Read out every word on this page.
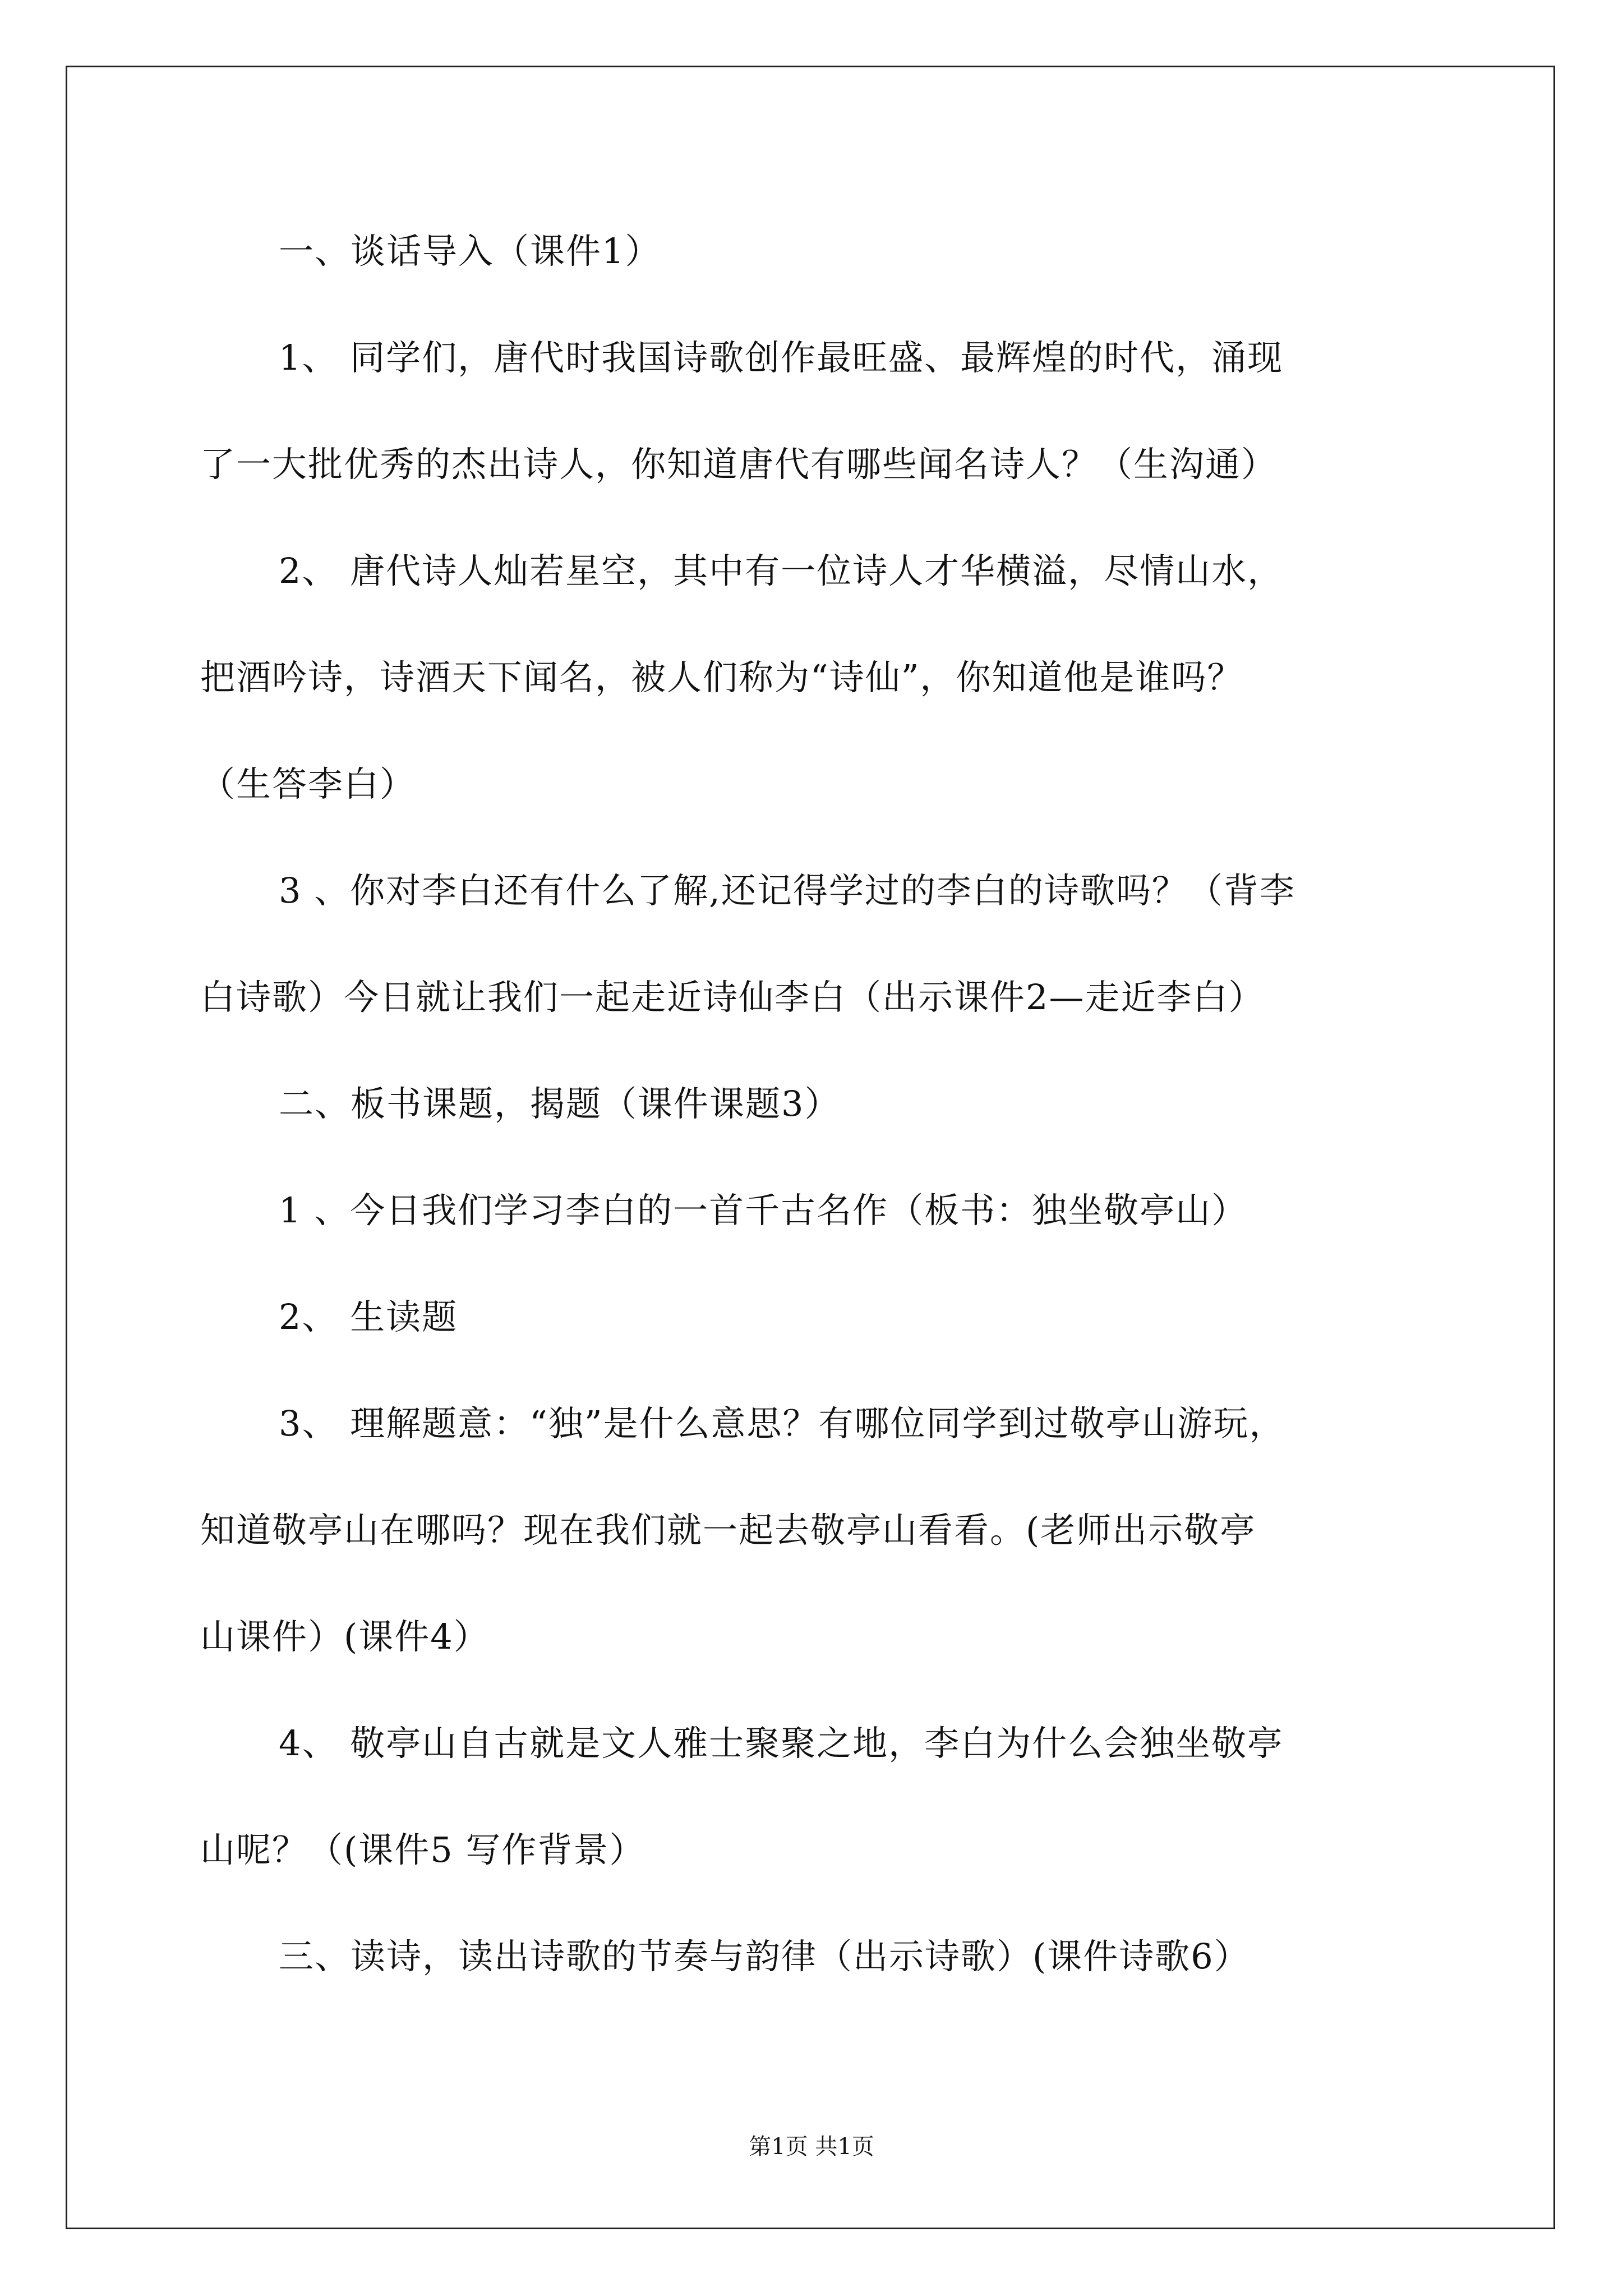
一、谈话导入（课件1）
1、 同学们，唐代时我国诗歌创作最旺盛、最辉煌的时代，涌现
了一大批优秀的杰出诗人，你知道唐代有哪些闻名诗人？（生沟通）
2、 唐代诗人灿若星空，其中有一位诗人才华横溢，尽情山水，
把酒吟诗，诗酒天下闻名，被人们称为“诗仙”，你知道他是谁吗？
（生答李白）
3 、你对李白还有什么了解,还记得学过的李白的诗歌吗？（背李
白诗歌）今日就让我们一起走近诗仙李白（出示课件2—走近李白）
二、板书课题，揭题（课件课题3）
1 、今日我们学习李白的一首千古名作（板书：独坐敬亭山）
2、 生读题
3、 理解题意：“独”是什么意思？有哪位同学到过敬亭山游玩，
知道敬亭山在哪吗？现在我们就一起去敬亭山看看。(老师出示敬亭
山课件）(课件4）
4、 敬亭山自古就是文人雅士聚聚之地，李白为什么会独坐敬亭
山呢？（(课件5 写作背景）
三、读诗，读出诗歌的节奏与韵律（出示诗歌）(课件诗歌6）
第1页 共1页
